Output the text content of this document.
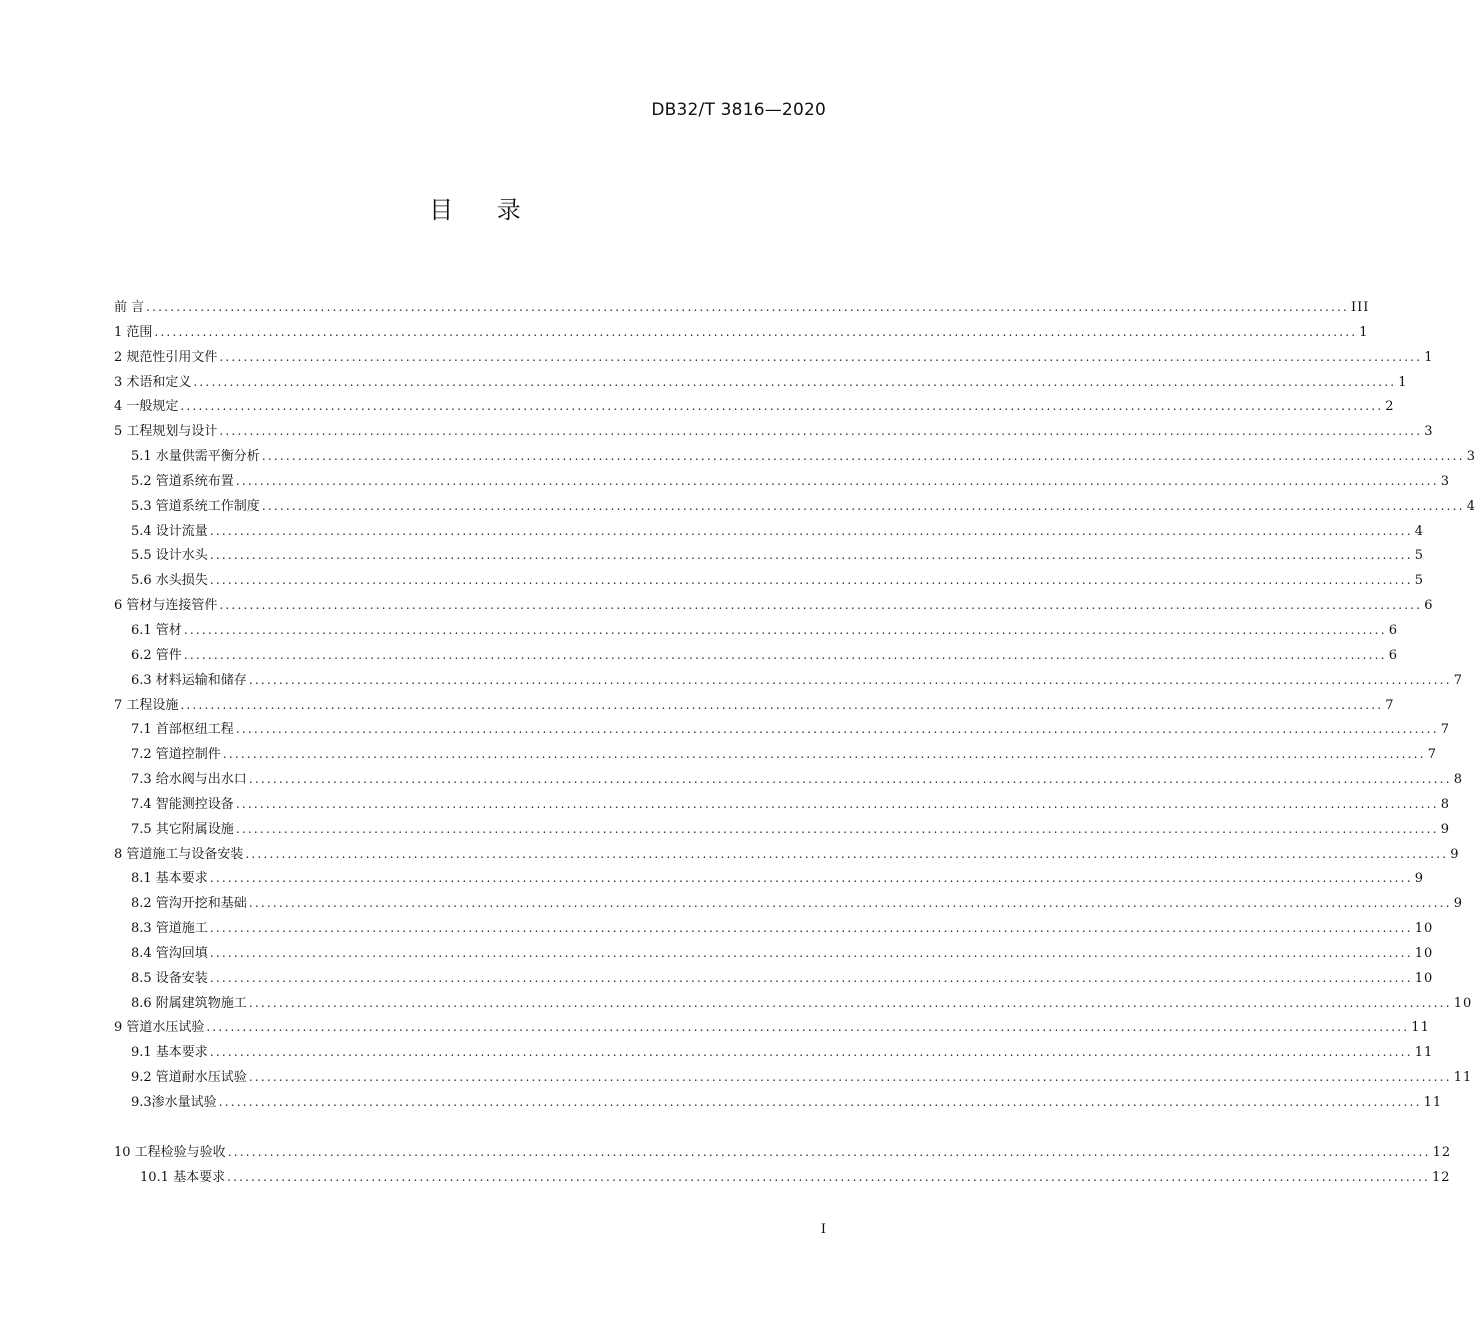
DB32/T 3816—2020
目 录
前 言 ........................................................................................................................................................................................................ III
1 范围 ........................................................................................................................................................................................................ 1
2 规范性引用文件 ........................................................................................................................................................................................................ 1
3 术语和定义 ........................................................................................................................................................................................................ 1
4 一般规定 ........................................................................................................................................................................................................ 2
5 工程规划与设计 ........................................................................................................................................................................................................ 3
5.1 水量供需平衡分析 ........................................................................................................................................................................................................ 3
5.2 管道系统布置 ........................................................................................................................................................................................................ 3
5.3 管道系统工作制度 ........................................................................................................................................................................................................ 4
5.4 设计流量 ........................................................................................................................................................................................................ 4
5.5 设计水头 ........................................................................................................................................................................................................ 5
5.6 水头损失 ........................................................................................................................................................................................................ 5
6 管材与连接管件 ........................................................................................................................................................................................................ 6
6.1 管材 ........................................................................................................................................................................................................ 6
6.2 管件 ........................................................................................................................................................................................................ 6
6.3 材料运输和储存 ........................................................................................................................................................................................................ 7
7 工程设施 ........................................................................................................................................................................................................ 7
7.1 首部枢纽工程 ........................................................................................................................................................................................................ 7
7.2 管道控制件 ........................................................................................................................................................................................................ 7
7.3 给水阀与出水口 ........................................................................................................................................................................................................ 8
7.4 智能测控设备 ........................................................................................................................................................................................................ 8
7.5 其它附属设施 ........................................................................................................................................................................................................ 9
8 管道施工与设备安装 ........................................................................................................................................................................................................ 9
8.1 基本要求 ........................................................................................................................................................................................................ 9
8.2 管沟开挖和基础 ........................................................................................................................................................................................................ 9
8.3 管道施工 ........................................................................................................................................................................................................ 10
8.4 管沟回填 ........................................................................................................................................................................................................ 10
8.5 设备安装 ........................................................................................................................................................................................................ 10
8.6 附属建筑物施工 ........................................................................................................................................................................................................ 10
9 管道水压试验 ........................................................................................................................................................................................................ 11
9.1 基本要求 ........................................................................................................................................................................................................ 11
9.2 管道耐水压试验 ........................................................................................................................................................................................................ 11
9.3渗水量试验 ........................................................................................................................................................................................................ 11
10 工程检验与验收 ........................................................................................................................................................................................................ 12
10.1 基本要求 ........................................................................................................................................................................................................ 12
I
